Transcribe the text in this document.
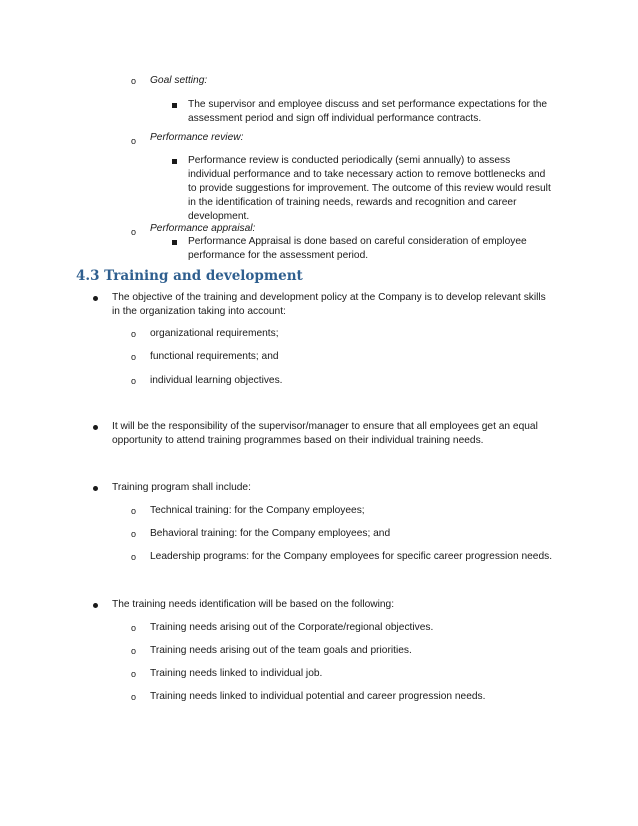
o Goal setting:
The supervisor and employee discuss and set performance expectations for the
assessment period and sign off individual performance contracts.
o Performance review:
Performance review is conducted periodically (semi annually) to assess
individual performance and to take necessary action to remove bottlenecks and
to provide suggestions for improvement. The outcome of this review would result
in the identification of training needs, rewards and recognition and career
development.
o Performance appraisal:
Performance Appraisal is done based on careful consideration of employee
performance for the assessment period.
4.3 Training and development
The objective of the training and development policy at the Company is to develop relevant skills
in the organization taking into account:
o organizational requirements;
o functional requirements; and
o individual learning objectives.
It will be the responsibility of the supervisor/manager to ensure that all employees get an equal
opportunity to attend training programmes based on their individual training needs.
Training program shall include:
o Technical training: for the Company employees;
o Behavioral training: for the Company employees; and
o Leadership programs: for the Company employees for specific career progression needs.
The training needs identification will be based on the following:
o Training needs arising out of the Corporate/regional objectives.
o Training needs arising out of the team goals and priorities.
o Training needs linked to individual job.
o Training needs linked to individual potential and career progression needs.
